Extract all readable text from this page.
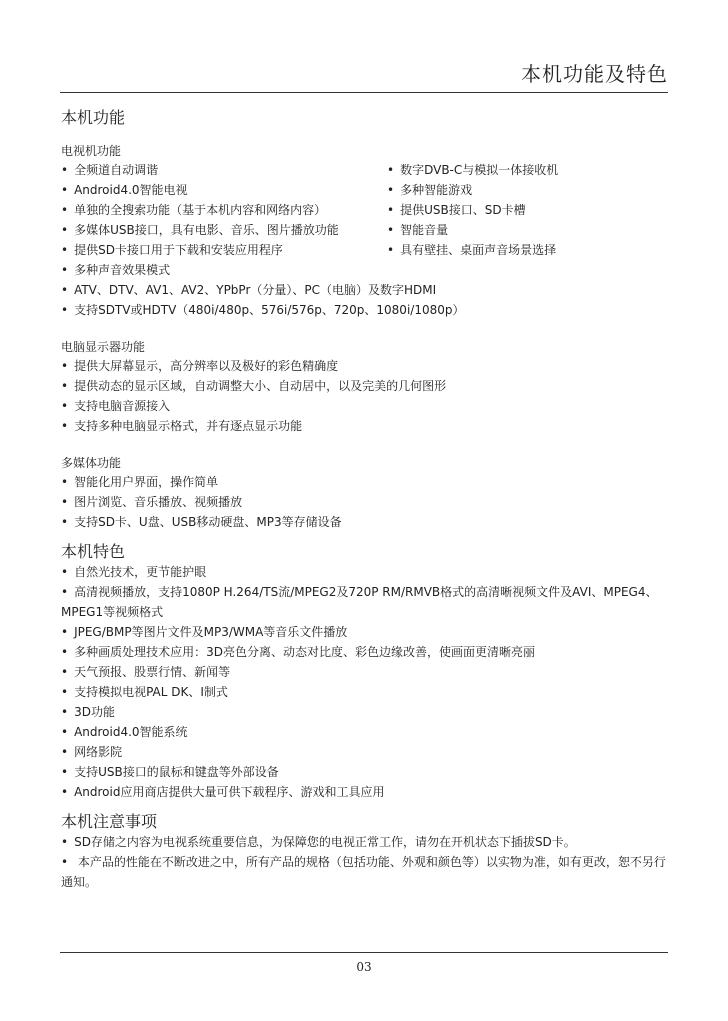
本机功能及特色
本机功能
电视机功能
• 全频道自动调谐
• Android4.0智能电视
• 单独的全搜索功能（基于本机内容和网络内容）
• 多媒体USB接口，具有电影、音乐、图片播放功能
• 提供SD卡接口用于下载和安装应用程序
• 数字DVB-C与模拟一体接收机
• 多种智能游戏
• 提供USB接口、SD卡槽
• 智能音量
• 具有壁挂、桌面声音场景选择
• 多种声音效果模式
• ATV、DTV、AV1、AV2、YPbPr（分量）、PC（电脑）及数字HDMI
• 支持SDTV或HDTV（480i/480p、576i/576p、720p、1080i/1080p）
电脑显示器功能
• 提供大屏幕显示，高分辨率以及极好的彩色精确度
• 提供动态的显示区域，自动调整大小、自动居中，以及完美的几何图形
• 支持电脑音源接入
• 支持多种电脑显示格式，并有逐点显示功能
多媒体功能
• 智能化用户界面，操作简单
• 图片浏览、音乐播放、视频播放
• 支持SD卡、U盘、USB移动硬盘、MP3等存储设备
本机特色
• 自然光技术，更节能护眼
• 高清视频播放，支持1080P H.264/TS流/MPEG2及720P RM/RMVB格式的高清晰视频文件及AVI、MPEG4、MPEG1等视频格式
• JPEG/BMP等图片文件及MP3/WMA等音乐文件播放
• 多种画质处理技术应用：3D亮色分离、动态对比度、彩色边缘改善，使画面更清晰亮丽
• 天气预报、股票行情、新闻等
• 支持模拟电视PAL DK、I制式
• 3D功能
• Android4.0智能系统
• 网络影院
• 支持USB接口的鼠标和键盘等外部设备
• Android应用商店提供大量可供下载程序、游戏和工具应用
本机注意事项
• SD存储之内容为电视系统重要信息，为保障您的电视正常工作，请勿在开机状态下插拔SD卡。
• 本产品的性能在不断改进之中，所有产品的规格（包括功能、外观和颜色等）以实物为准，如有更改，恕不另行通知。
03
